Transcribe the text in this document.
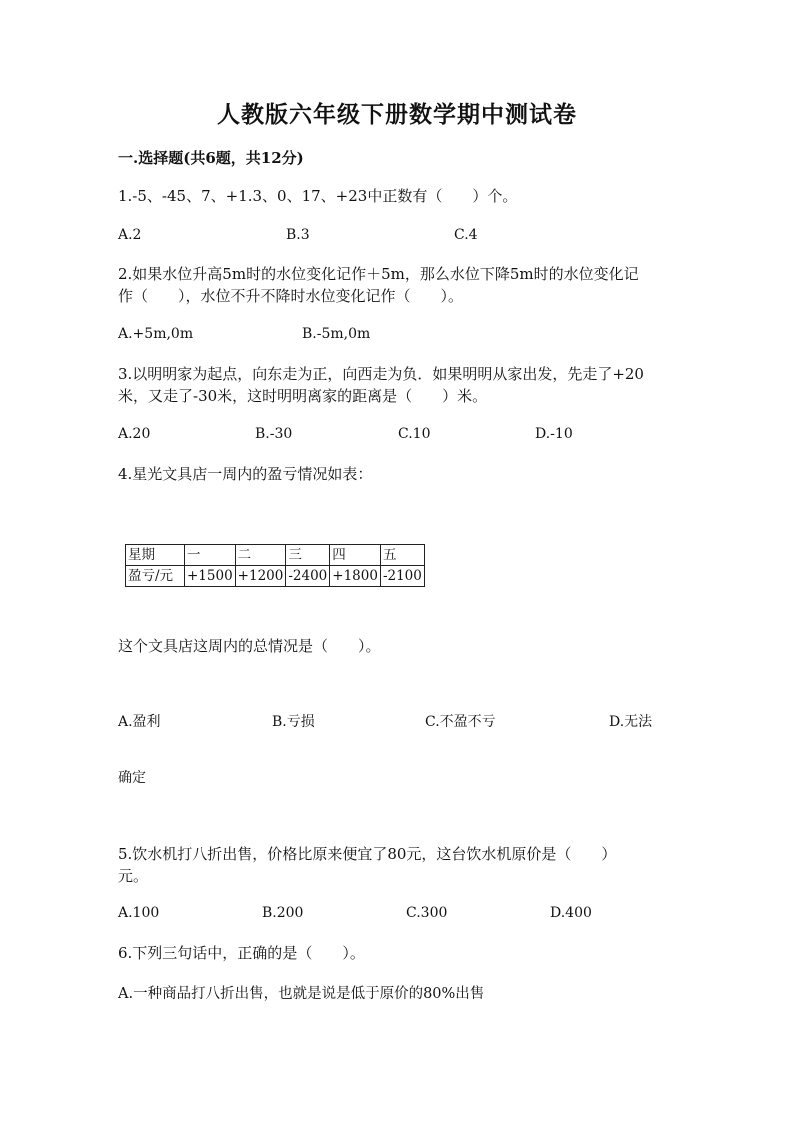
人教版六年级下册数学期中测试卷
一.选择题(共6题，共12分)
1.-5、-45、7、+1.3、0、17、+23中正数有（　　）个。
A.2	B.3	C.4
2.如果水位升高5m时的水位变化记作＋5m，那么水位下降5m时的水位变化记
作（　　），水位不升不降时水位变化记作（　　）。
A.+5m,0m	B.-5m,0m
3.以明明家为起点，向东走为正，向西走为负．如果明明从家出发，先走了+20
米，又走了-30米，这时明明离家的距离是（　　）米。
A.20	B.-30	C.10	D.-10
4.星光文具店一周内的盈亏情况如表：
星期	一	二	三	四	五
盈亏/元	+1500	+1200	-2400	+1800	-2100
这个文具店这周内的总情况是（　　）。
A.盈利	B.亏损	C.不盈不亏	D.无法
确定
5.饮水机打八折出售，价格比原来便宜了80元，这台饮水机原价是（　　）
元。
A.100	B.200	C.300	D.400
6.下列三句话中，正确的是（　　）。
A.一种商品打八折出售，也就是说是低于原价的80%出售
